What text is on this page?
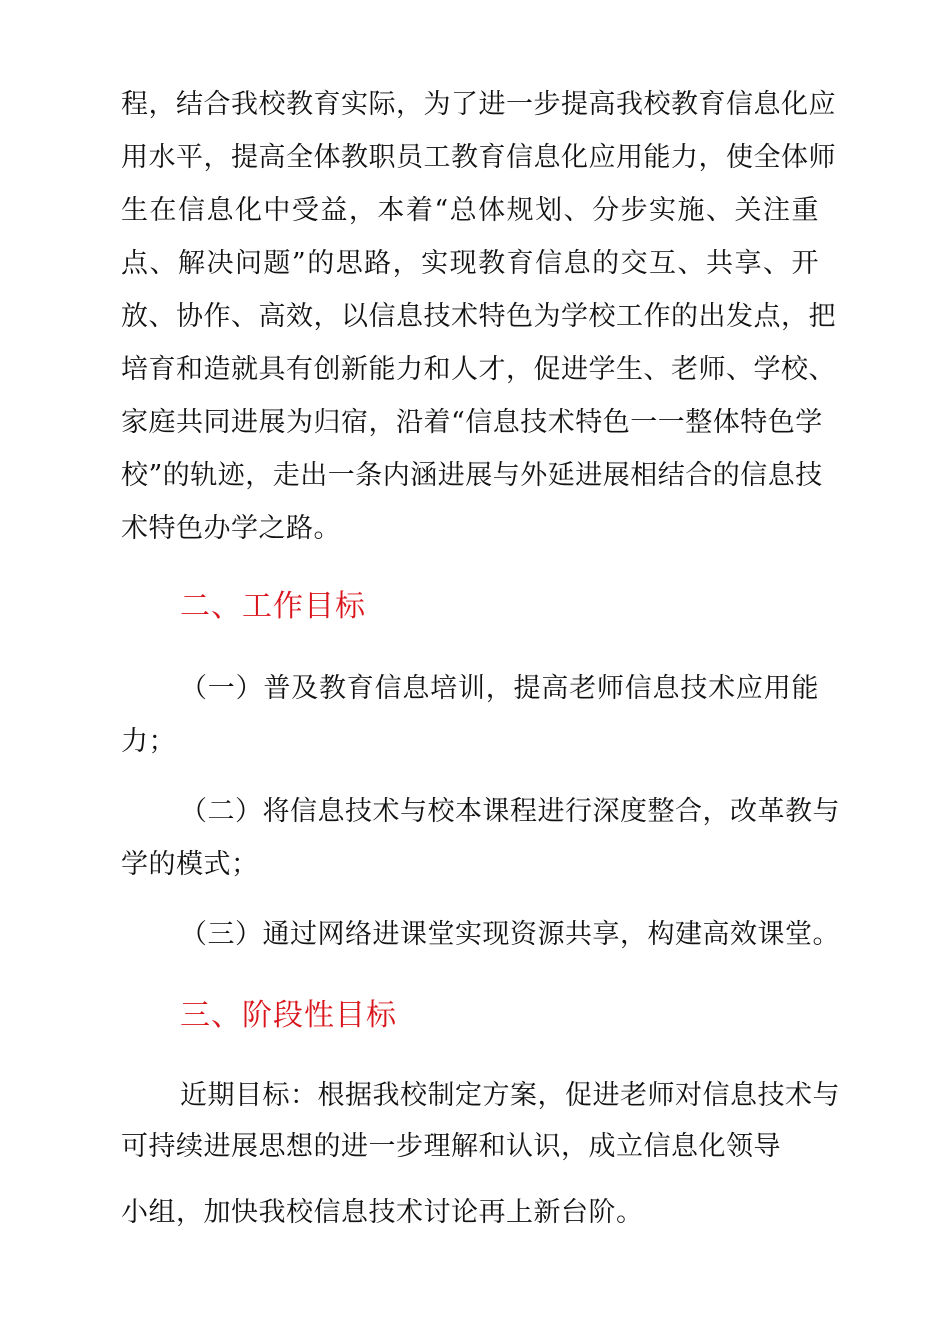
程，结合我校教育实际，为了进一步提高我校教育信息化应
用水平，提高全体教职员工教育信息化应用能力，使全体师
生在信息化中受益，本着“总体规划、分步实施、关注重
点、解决问题”的思路，实现教育信息的交互、共享、开
放、协作、高效，以信息技术特色为学校工作的出发点，把
培育和造就具有创新能力和人才，促进学生、老师、学校、
家庭共同进展为归宿，沿着“信息技术特色一一整体特色学
校”的轨迹，走出一条内涵进展与外延进展相结合的信息技
术特色办学之路。
二、工作目标
（一）普及教育信息培训，提高老师信息技术应用能
力；
（二）将信息技术与校本课程进行深度整合，改革教与
学的模式；
（三）通过网络进课堂实现资源共享，构建高效课堂。
三、阶段性目标
近期目标：根据我校制定方案，促进老师对信息技术与
可持续进展思想的进一步理解和认识，成立信息化领导
小组，加快我校信息技术讨论再上新台阶。
